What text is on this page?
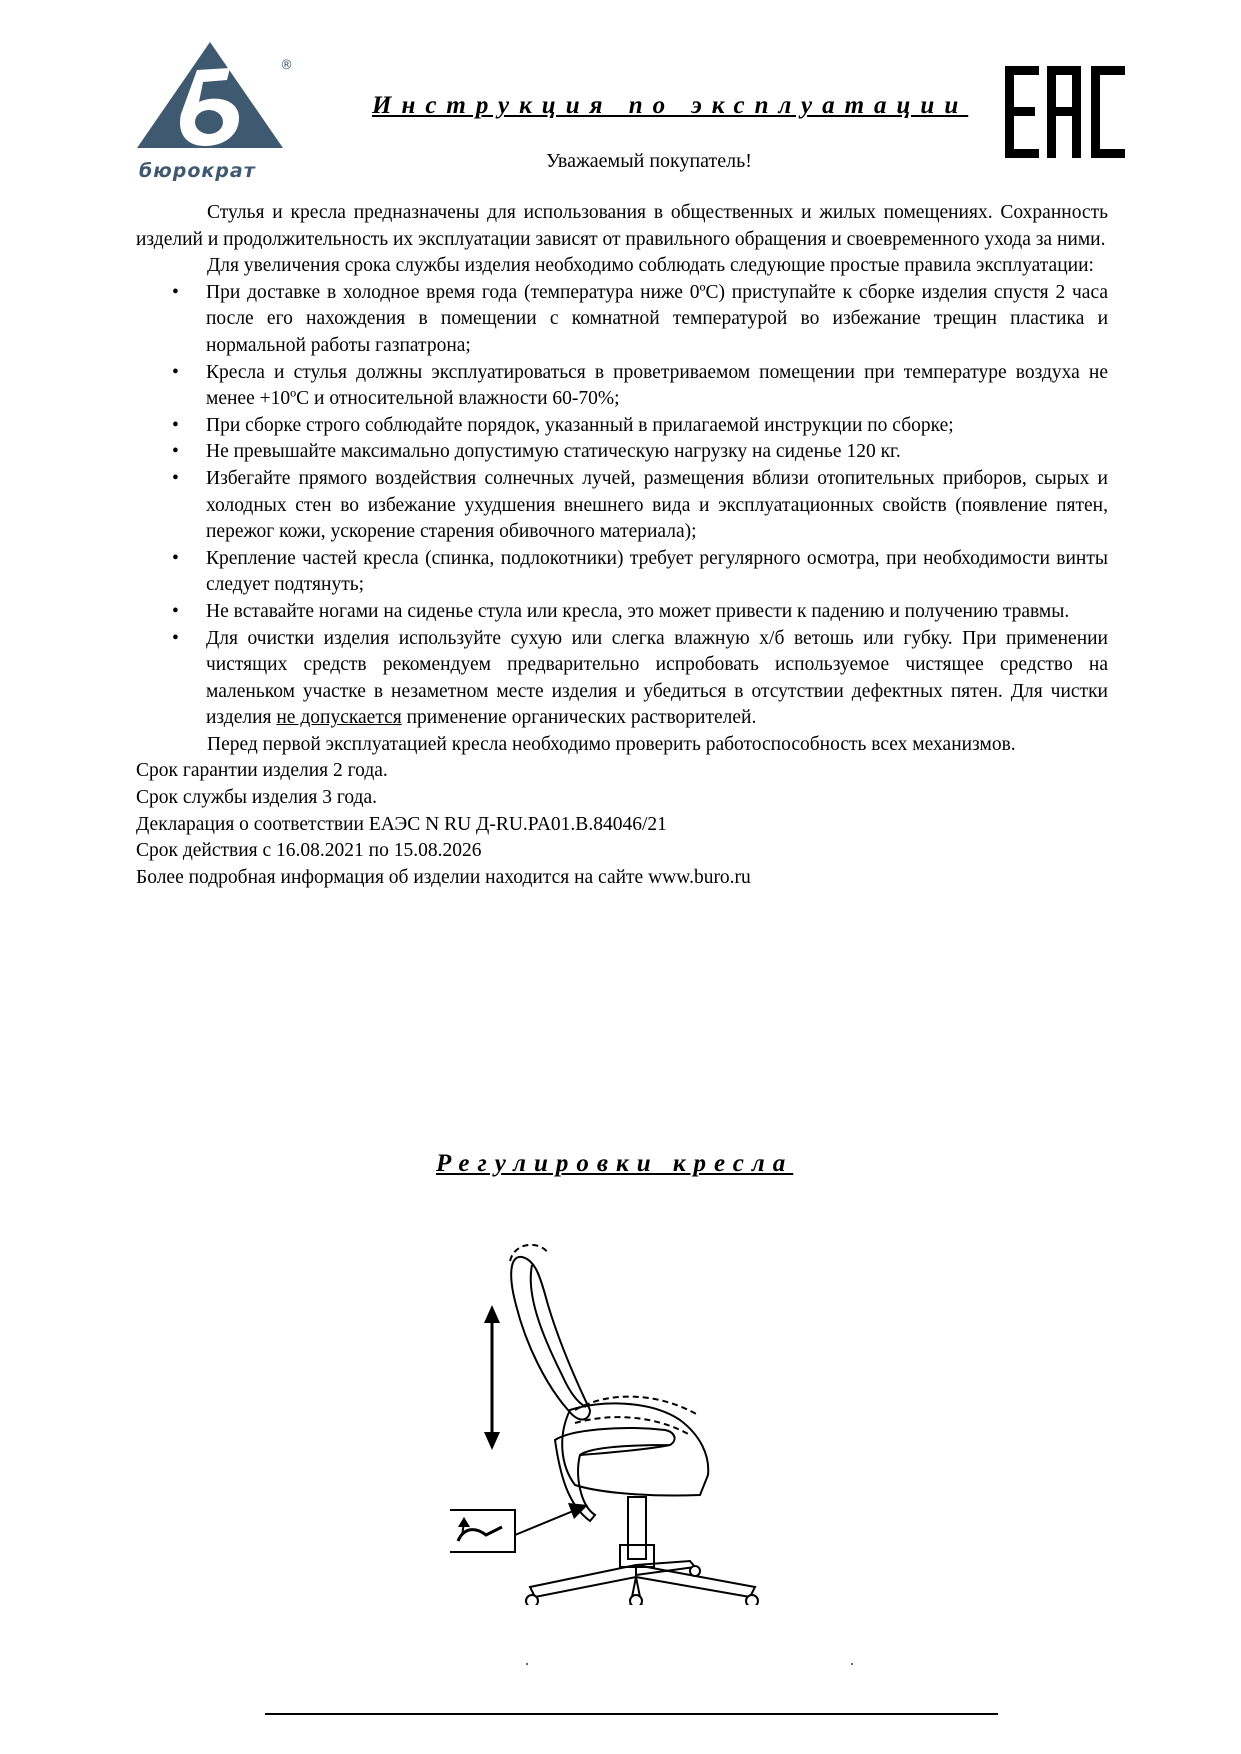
®
бюрократ
Инструкция по эксплуатации
Уважаемый покупатель!

Стулья и кресла предназначены для использования в общественных и жилых помещениях. Сохранность изделий и продолжительность их эксплуатации зависят от правильного обращения и своевременного ухода за ними.

Для увеличения срока службы изделия необходимо соблюдать следующие простые правила эксплуатации:

• При доставке в холодное время года (температура ниже 0ºС) приступайте к сборке изделия спустя 2 часа после его нахождения в помещении с комнатной температурой во избежание трещин пластика и нормальной работы газпатрона;
• Кресла и стулья должны эксплуатироваться в проветриваемом помещении при температуре воздуха не менее +10ºС и относительной влажности 60-70%;
• При сборке строго соблюдайте порядок, указанный в прилагаемой инструкции по сборке;
• Не превышайте максимально допустимую статическую нагрузку на сиденье 120 кг.
• Избегайте прямого воздействия солнечных лучей, размещения вблизи отопительных приборов, сырых и холодных стен во избежание ухудшения внешнего вида и эксплуатационных свойств (появление пятен, пережог кожи, ускорение старения обивочного материала);
• Крепление частей кресла (спинка, подлокотники) требует регулярного осмотра, при необходимости винты следует подтянуть;
• Не вставайте ногами на сиденье стула или кресла, это может привести к падению и получению травмы.
• Для очистки изделия используйте сухую или слегка влажную х/б ветошь или губку. При применении чистящих средств рекомендуем предварительно испробовать используемое чистящее средство на маленьком участке в незаметном месте изделия и убедиться в отсутствии дефектных пятен. Для чистки изделия не допускается применение органических растворителей.

Перед первой эксплуатацией кресла необходимо проверить работоспособность всех механизмов.

Срок гарантии изделия 2 года.

Срок службы изделия 3 года.

Декларация о соответствии ЕАЭС N RU Д-RU.PA01.B.84046/21

Срок действия с 16.08.2021 по 15.08.2026

Более подробная информация об изделии находится на сайте www.buro.ru

Регулировки кресла
